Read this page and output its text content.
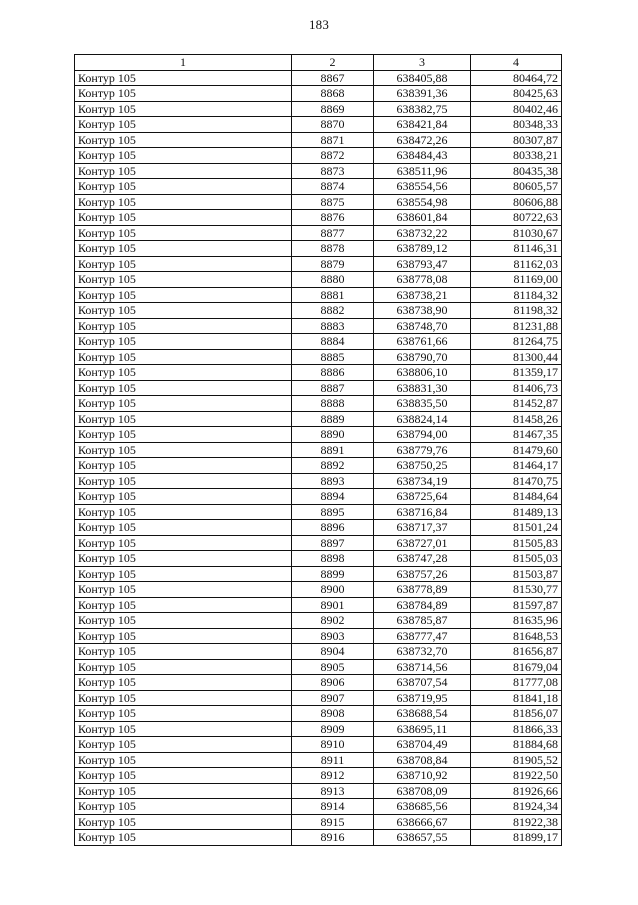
183
1	2	3	4
Контур 105	8867	638405,88	80464,72
Контур 105	8868	638391,36	80425,63
Контур 105	8869	638382,75	80402,46
Контур 105	8870	638421,84	80348,33
Контур 105	8871	638472,26	80307,87
Контур 105	8872	638484,43	80338,21
Контур 105	8873	638511,96	80435,38
Контур 105	8874	638554,56	80605,57
Контур 105	8875	638554,98	80606,88
Контур 105	8876	638601,84	80722,63
Контур 105	8877	638732,22	81030,67
Контур 105	8878	638789,12	81146,31
Контур 105	8879	638793,47	81162,03
Контур 105	8880	638778,08	81169,00
Контур 105	8881	638738,21	81184,32
Контур 105	8882	638738,90	81198,32
Контур 105	8883	638748,70	81231,88
Контур 105	8884	638761,66	81264,75
Контур 105	8885	638790,70	81300,44
Контур 105	8886	638806,10	81359,17
Контур 105	8887	638831,30	81406,73
Контур 105	8888	638835,50	81452,87
Контур 105	8889	638824,14	81458,26
Контур 105	8890	638794,00	81467,35
Контур 105	8891	638779,76	81479,60
Контур 105	8892	638750,25	81464,17
Контур 105	8893	638734,19	81470,75
Контур 105	8894	638725,64	81484,64
Контур 105	8895	638716,84	81489,13
Контур 105	8896	638717,37	81501,24
Контур 105	8897	638727,01	81505,83
Контур 105	8898	638747,28	81505,03
Контур 105	8899	638757,26	81503,87
Контур 105	8900	638778,89	81530,77
Контур 105	8901	638784,89	81597,87
Контур 105	8902	638785,87	81635,96
Контур 105	8903	638777,47	81648,53
Контур 105	8904	638732,70	81656,87
Контур 105	8905	638714,56	81679,04
Контур 105	8906	638707,54	81777,08
Контур 105	8907	638719,95	81841,18
Контур 105	8908	638688,54	81856,07
Контур 105	8909	638695,11	81866,33
Контур 105	8910	638704,49	81884,68
Контур 105	8911	638708,84	81905,52
Контур 105	8912	638710,92	81922,50
Контур 105	8913	638708,09	81926,66
Контур 105	8914	638685,56	81924,34
Контур 105	8915	638666,67	81922,38
Контур 105	8916	638657,55	81899,17
